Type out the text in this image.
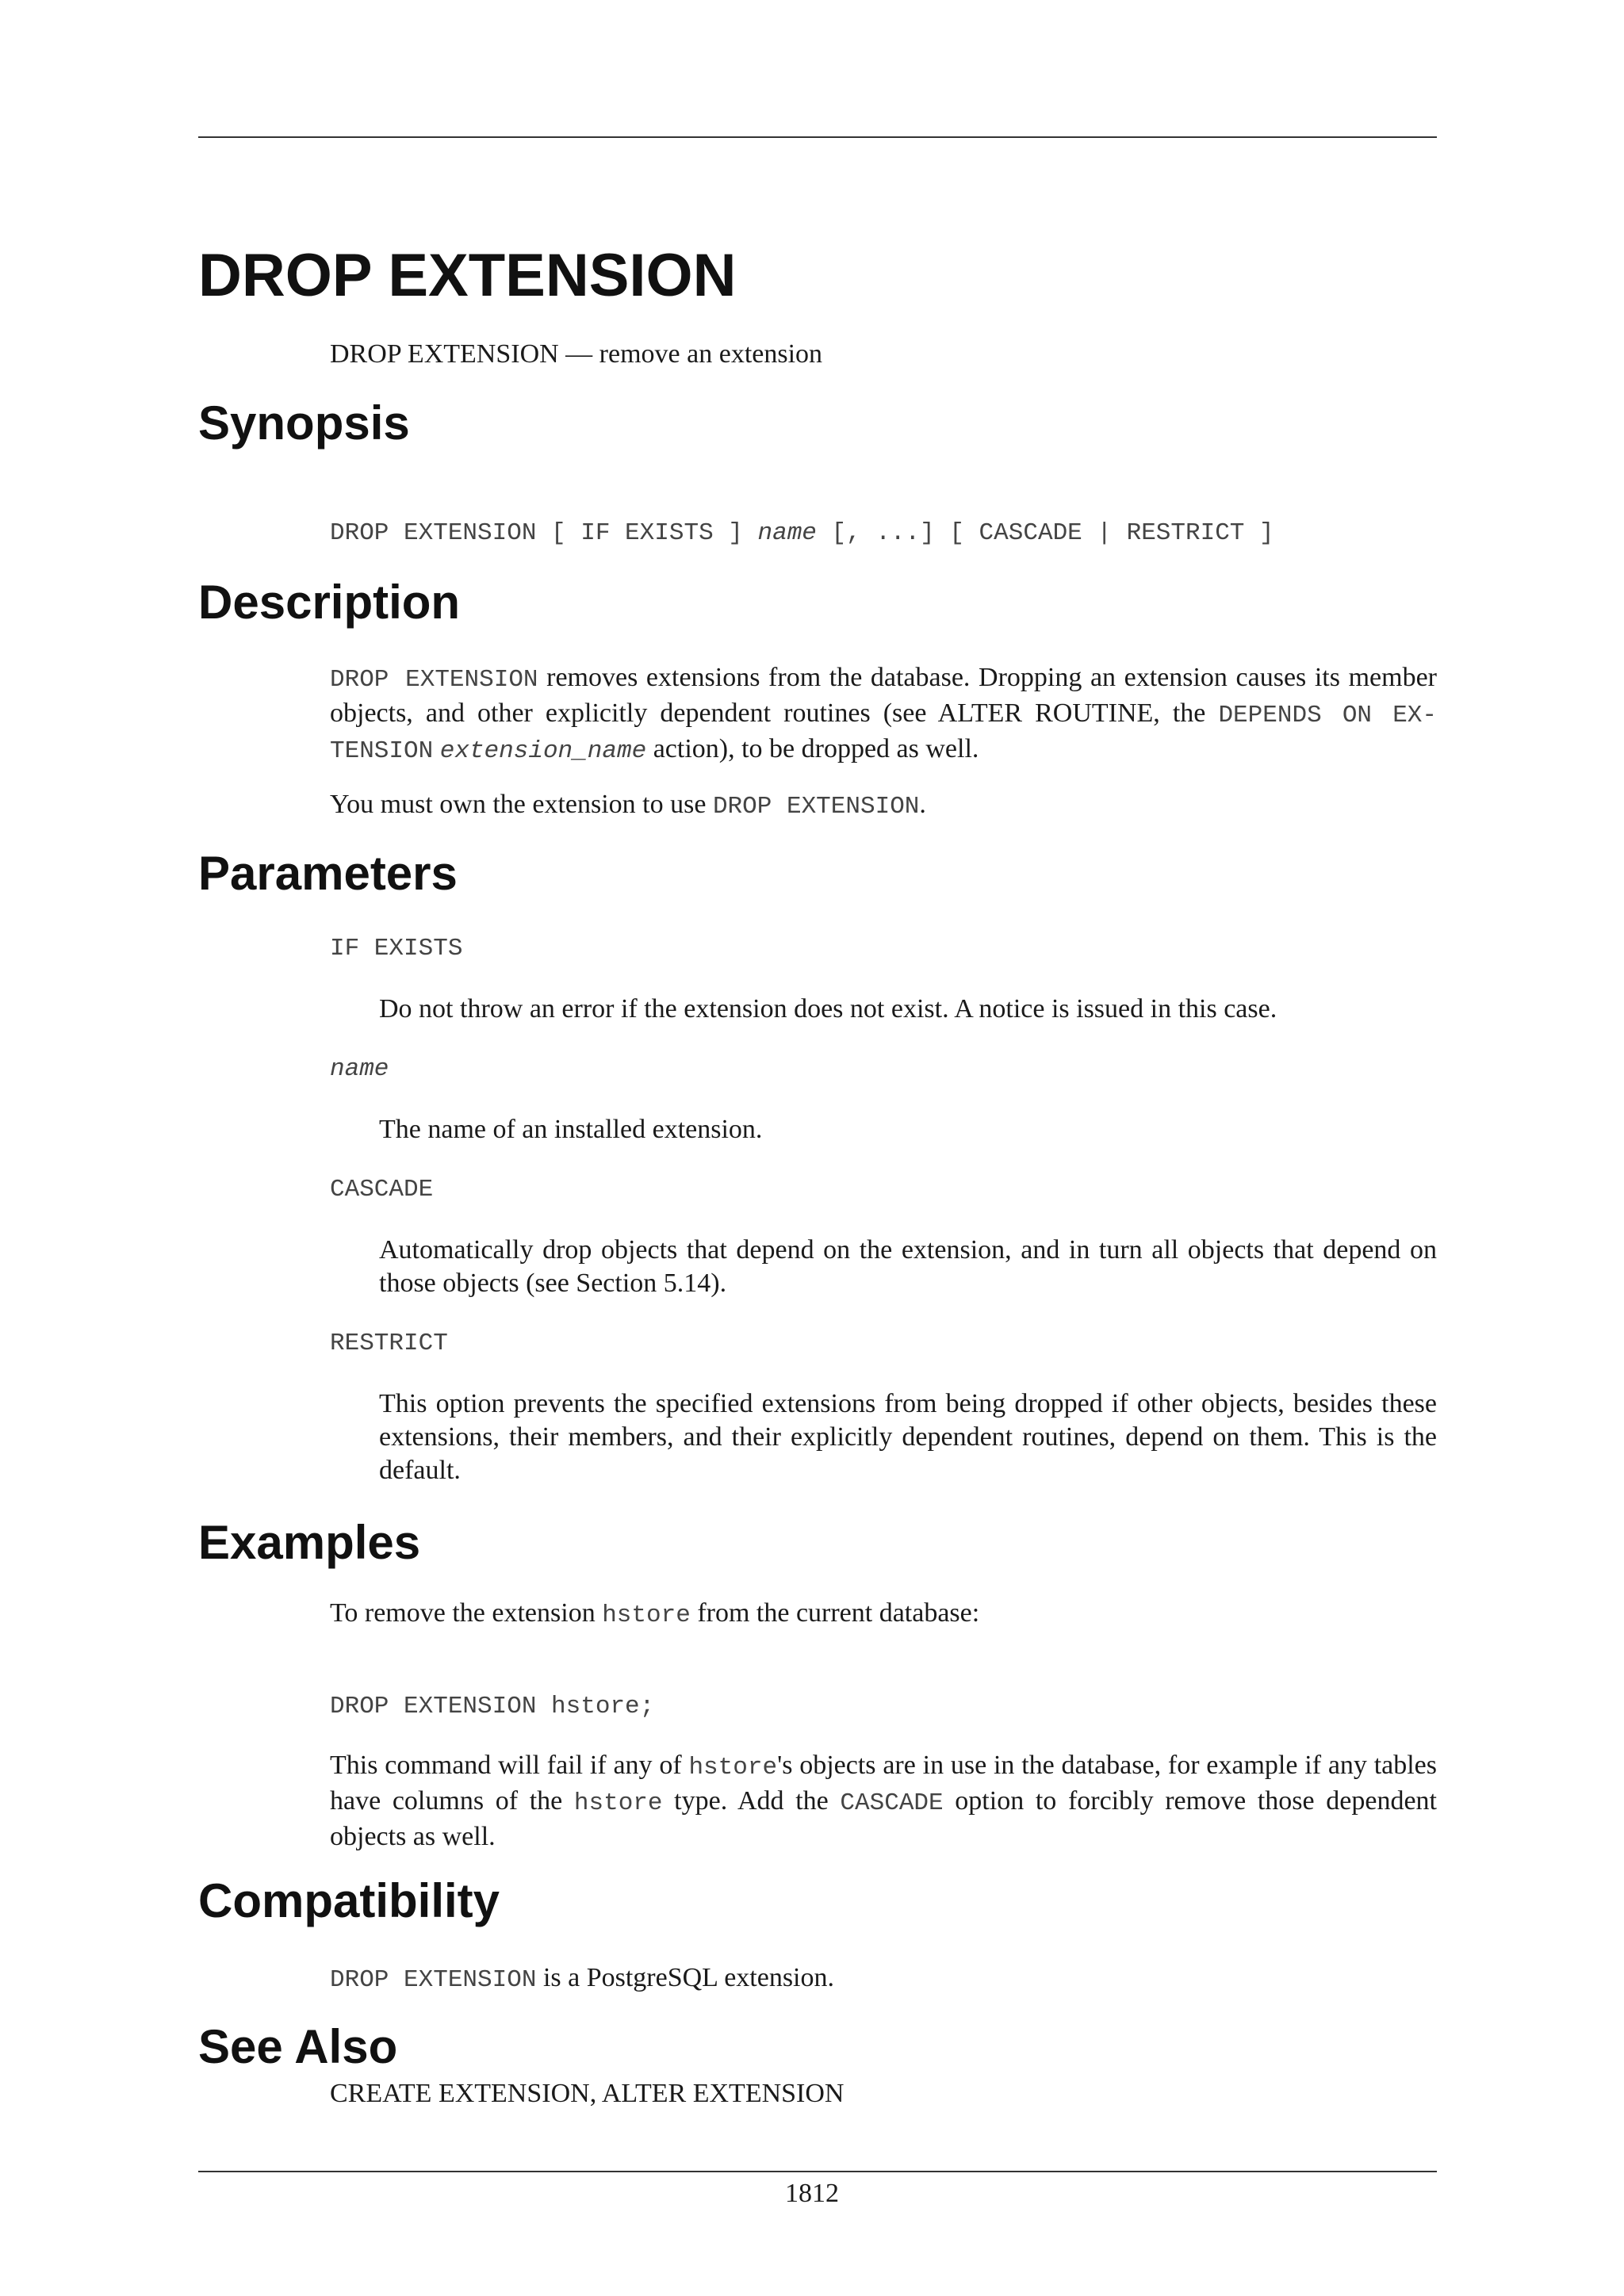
DROP EXTENSION
DROP EXTENSION — remove an extension
Synopsis
DROP EXTENSION [ IF EXISTS ] name [, ...] [ CASCADE | RESTRICT ]
Description
DROP EXTENSION removes extensions from the database. Dropping an extension causes its member objects, and other explicitly dependent routines (see ALTER ROUTINE, the DEPENDS ON EX-TENSION extension_name action), to be dropped as well.
You must own the extension to use DROP EXTENSION.
Parameters
IF EXISTS
Do not throw an error if the extension does not exist. A notice is issued in this case.
name
The name of an installed extension.
CASCADE
Automatically drop objects that depend on the extension, and in turn all objects that depend on those objects (see Section 5.14).
RESTRICT
This option prevents the specified extensions from being dropped if other objects, besides these extensions, their members, and their explicitly dependent routines, depend on them. This is the default.
Examples
To remove the extension hstore from the current database:
DROP EXTENSION hstore;
This command will fail if any of hstore's objects are in use in the database, for example if any tables have columns of the hstore type. Add the CASCADE option to forcibly remove those dependent objects as well.
Compatibility
DROP EXTENSION is a PostgreSQL extension.
See Also
CREATE EXTENSION, ALTER EXTENSION
1812
